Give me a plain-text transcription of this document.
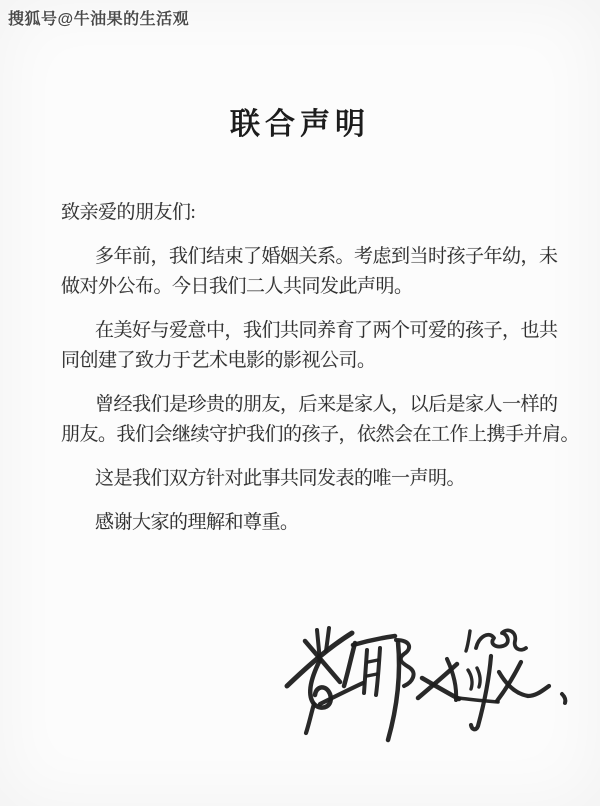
搜狐号@牛油果的生活观
联合声明
致亲爱的朋友们:
多年前，我们结束了婚姻关系。考虑到当时孩子年幼，未
做对外公布。今日我们二人共同发此声明。
在美好与爱意中，我们共同养育了两个可爱的孩子，也共
同创建了致力于艺术电影的影视公司。
曾经我们是珍贵的朋友，后来是家人，以后是家人一样的
朋友。我们会继续守护我们的孩子，依然会在工作上携手并肩。
这是我们双方针对此事共同发表的唯一声明。
感谢大家的理解和尊重。
